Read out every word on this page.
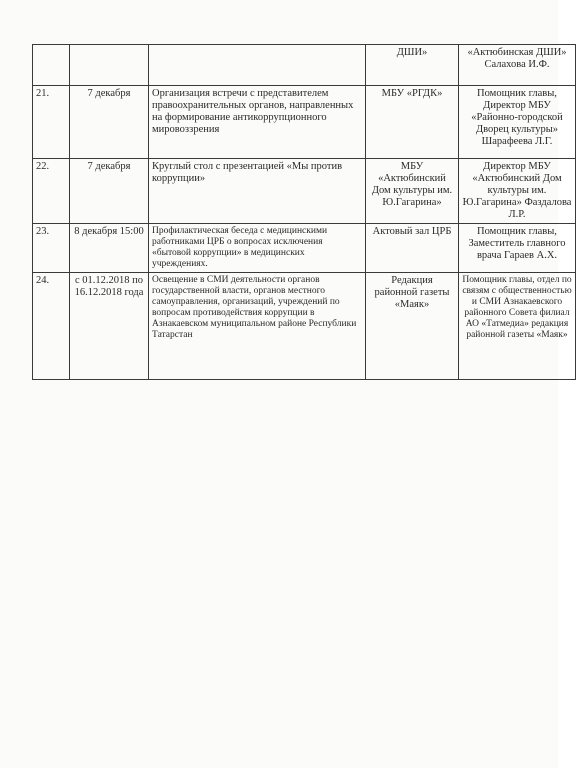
			ДШИ»	«Актюбинская ДШИ» Салахова И.Ф.
21.	7 декабря	Организация встречи с представителем правоохранительных органов, направленных на формирование антикоррупционного мировоззрения	МБУ «РГДК»	Помощник главы, Директор МБУ «Районно-городской Дворец культуры» Шарафеева Л.Г.
22.	7 декабря	Круглый стол с презентацией «Мы против коррупции»	МБУ «Актюбинский Дом культуры им. Ю.Гагарина»	Директор МБУ «Актюбинский Дом культуры им. Ю.Гагарина» Фаздалова Л.Р.
23.	8 декабря 15:00	Профилактическая беседа с медицинскими работниками ЦРБ о вопросах исключения «бытовой коррупции» в медицинских учреждениях.	Актовый зал ЦРБ	Помощник главы, Заместитель главного врача Гараев А.Х.
24.	с 01.12.2018 по 16.12.2018 года	Освещение в СМИ деятельности органов государственной власти, органов местного самоуправления, организаций, учреждений по вопросам противодействия коррупции в Азнакаевском муниципальном районе Республики Татарстан	Редакция районной газеты «Маяк»	Помощник главы, отдел по связям с общественностью и СМИ Азнакаевского районного Совета филиал АО «Татмедиа» редакция районной газеты «Маяк»
